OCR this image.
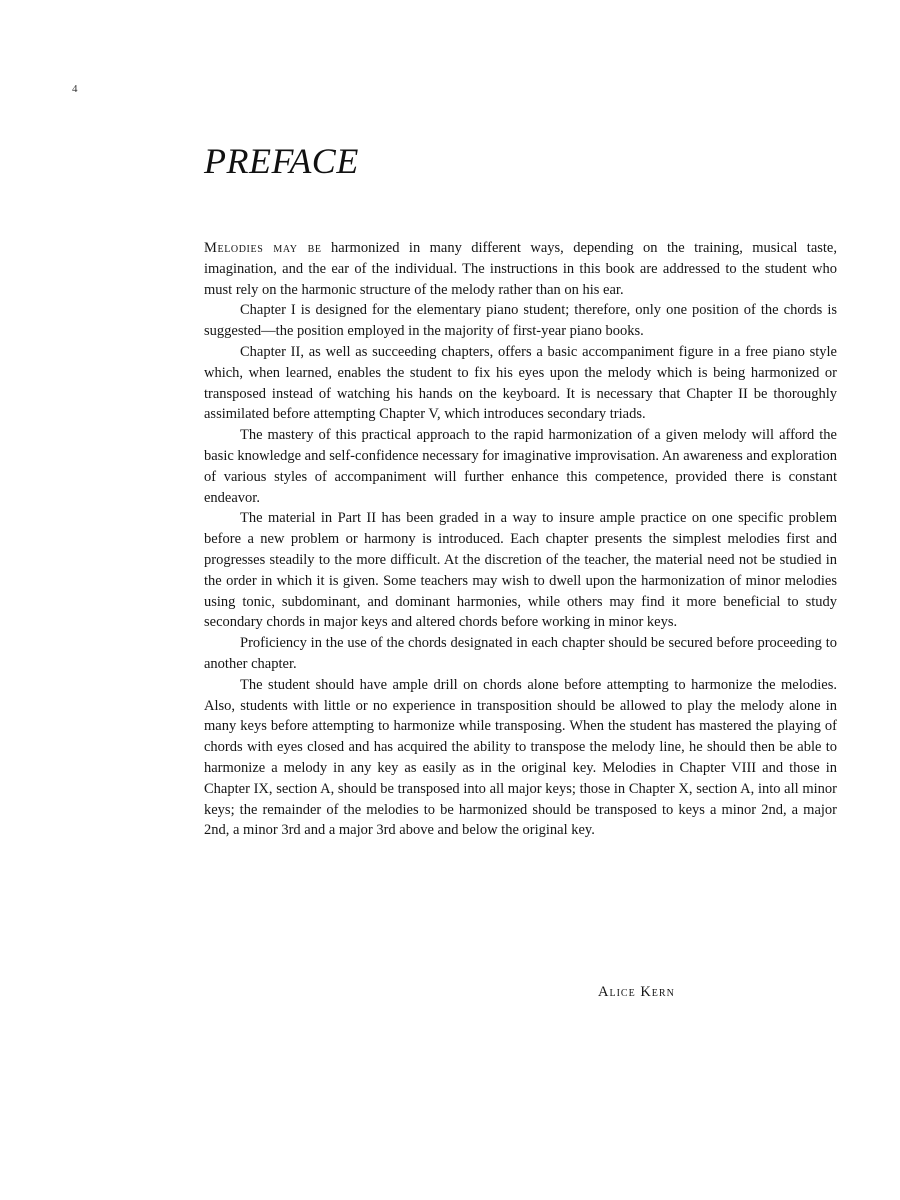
4
PREFACE

Melodies may be harmonized in many different ways, depending on the training, musical taste, imagination, and the ear of the individual. The instructions in this book are addressed to the student who must rely on the harmonic structure of the melody rather than on his ear.

Chapter I is designed for the elementary piano student; therefore, only one position of the chords is suggested—the position employed in the majority of first-year piano books.

Chapter II, as well as succeeding chapters, offers a basic accompaniment figure in a free piano style which, when learned, enables the student to fix his eyes upon the melody which is being harmonized or transposed instead of watching his hands on the keyboard. It is necessary that Chapter II be thoroughly assimilated before attempting Chapter V, which introduces secondary triads.

The mastery of this practical approach to the rapid harmonization of a given melody will afford the basic knowledge and self-confidence necessary for imaginative improvisation. An awareness and exploration of various styles of accompaniment will further enhance this competence, provided there is constant endeavor.

The material in Part II has been graded in a way to insure ample practice on one specific problem before a new problem or harmony is introduced. Each chapter presents the simplest melodies first and progresses steadily to the more difficult. At the discretion of the teacher, the material need not be studied in the order in which it is given. Some teachers may wish to dwell upon the harmonization of minor melodies using tonic, subdominant, and dominant harmonies, while others may find it more beneficial to study secondary chords in major keys and altered chords before working in minor keys.

Proficiency in the use of the chords designated in each chapter should be secured before proceeding to another chapter.

The student should have ample drill on chords alone before attempting to harmonize the melodies. Also, students with little or no experience in transposition should be allowed to play the melody alone in many keys before attempting to harmonize while transposing. When the student has mastered the playing of chords with eyes closed and has acquired the ability to transpose the melody line, he should then be able to harmonize a melody in any key as easily as in the original key. Melodies in Chapter VIII and those in Chapter IX, section A, should be transposed into all major keys; those in Chapter X, section A, into all minor keys; the remainder of the melodies to be harmonized should be transposed to keys a minor 2nd, a major 2nd, a minor 3rd and a major 3rd above and below the original key.

Alice Kern
